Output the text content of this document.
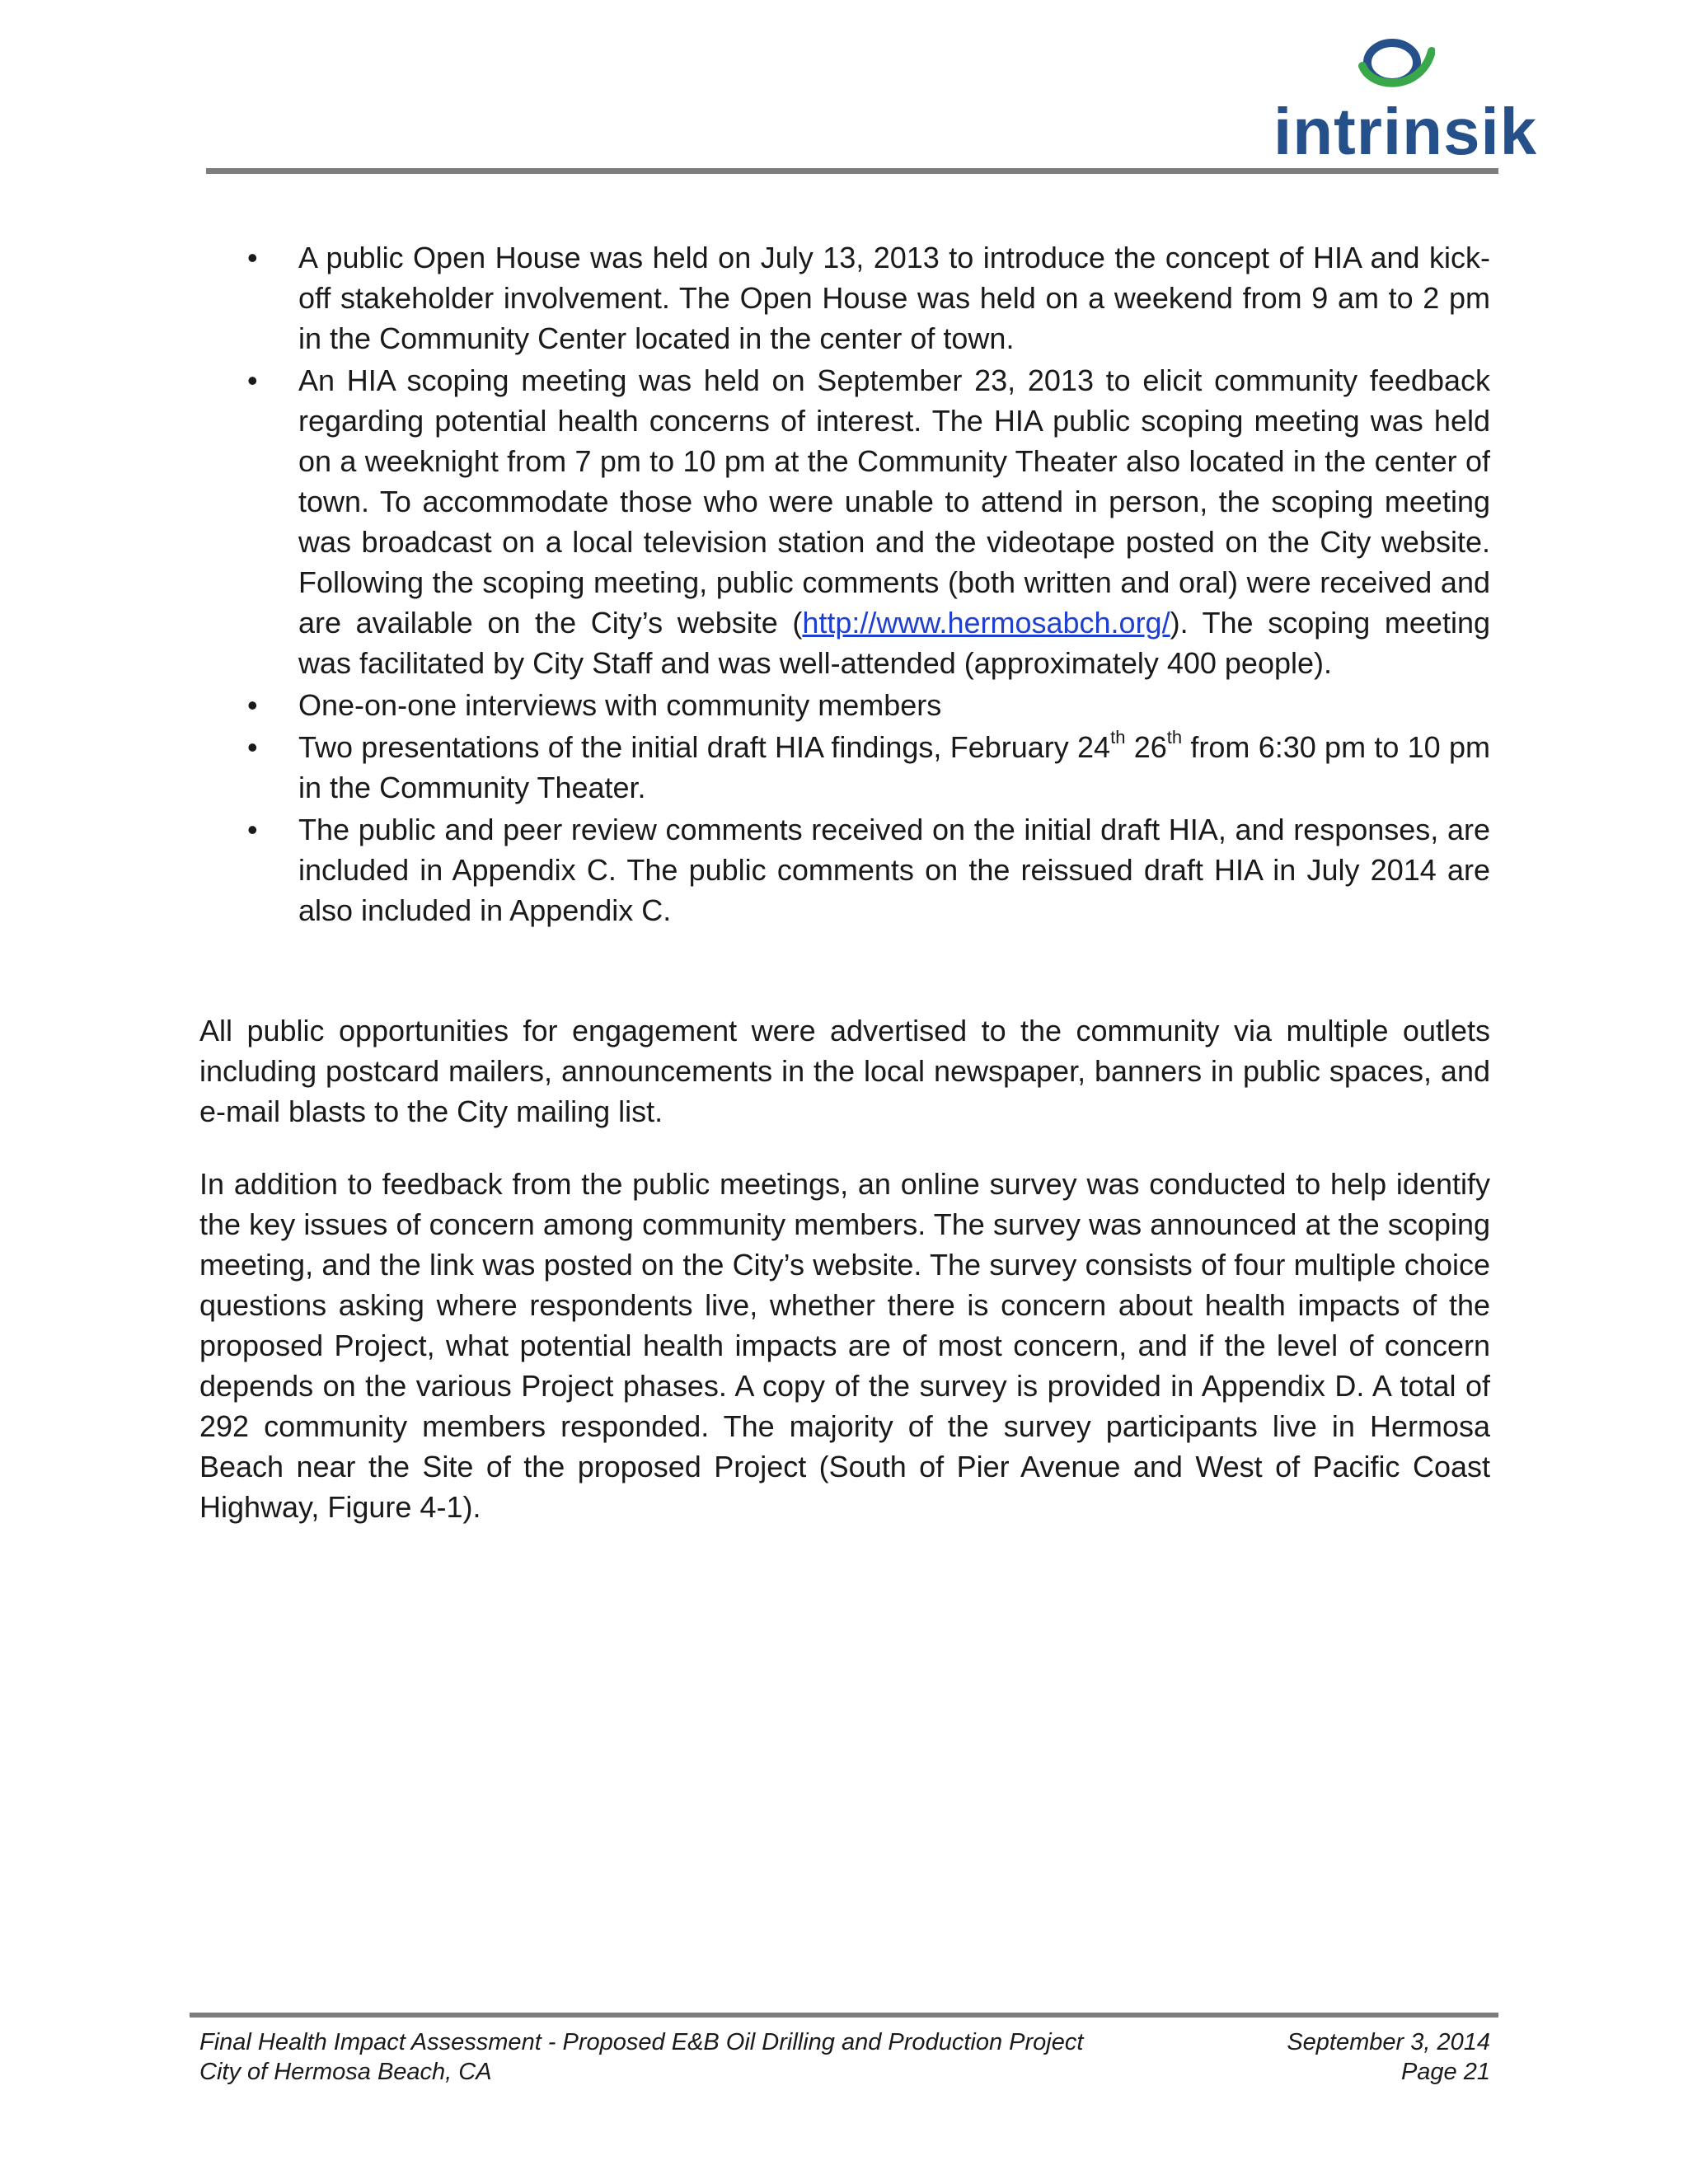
intrinsik
• A public Open House was held on July 13, 2013 to introduce the concept of HIA and kick-off stakeholder involvement. The Open House was held on a weekend from 9 am to 2 pm in the Community Center located in the center of town.
• An HIA scoping meeting was held on September 23, 2013 to elicit community feedback regarding potential health concerns of interest. The HIA public scoping meeting was held on a weeknight from 7 pm to 10 pm at the Community Theater also located in the center of town. To accommodate those who were unable to attend in person, the scoping meeting was broadcast on a local television station and the videotape posted on the City website. Following the scoping meeting, public comments (both written and oral) were received and are available on the City’s website (http://www.hermosabch.org/). The scoping meeting was facilitated by City Staff and was well-attended (approximately 400 people).
• One-on-one interviews with community members
• Two presentations of the initial draft HIA findings, February 24th 26th from 6:30 pm to 10 pm in the Community Theater.
• The public and peer review comments received on the initial draft HIA, and responses, are included in Appendix C. The public comments on the reissued draft HIA in July 2014 are also included in Appendix C.

All public opportunities for engagement were advertised to the community via multiple outlets including postcard mailers, announcements in the local newspaper, banners in public spaces, and e-mail blasts to the City mailing list.

In addition to feedback from the public meetings, an online survey was conducted to help identify the key issues of concern among community members. The survey was announced at the scoping meeting, and the link was posted on the City’s website. The survey consists of four multiple choice questions asking where respondents live, whether there is concern about health impacts of the proposed Project, what potential health impacts are of most concern, and if the level of concern depends on the various Project phases. A copy of the survey is provided in Appendix D. A total of 292 community members responded. The majority of the survey participants live in Hermosa Beach near the Site of the proposed Project (South of Pier Avenue and West of Pacific Coast Highway, Figure 4-1).

Final Health Impact Assessment - Proposed E&B Oil Drilling and Production Project	September 3, 2014
City of Hermosa Beach, CA	Page 21
